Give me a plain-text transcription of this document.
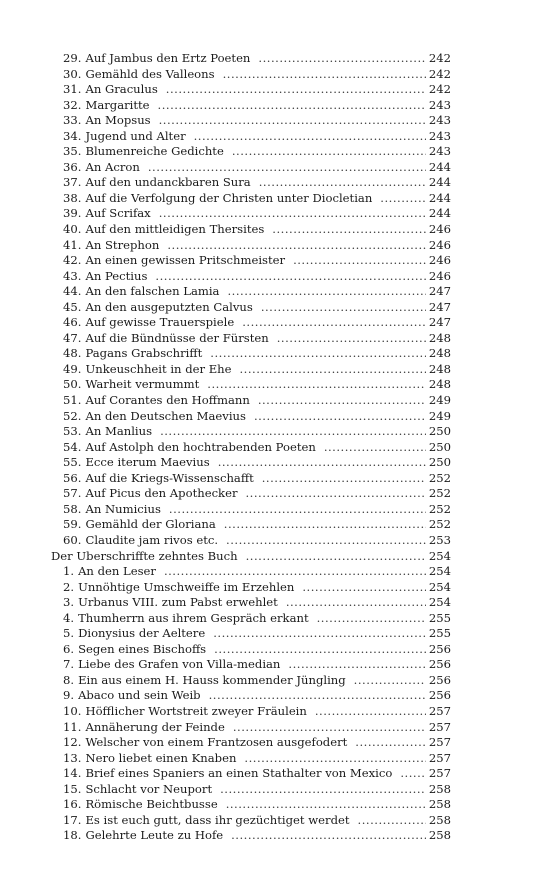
29. Auf Jambus den Ertz Poeten .....	242
30. Gemähld des Valleons .....	242
31. An Graculus .....	242
32. Margaritte .....	243
33. An Mopsus .....	243
34. Jugend und Alter .....	243
35. Blumenreiche Gedichte .....	243
36. An Acron .....	244
37. Auf den undanckbaren Sura .....	244
38. Auf die Verfolgung der Christen unter Diocletian .....	244
39. Auf Scrifax .....	244
40. Auf den mittleidigen Thersites .....	246
41. An Strephon .....	246
42. An einen gewissen Pritschmeister .....	246
43. An Pectius .....	246
44. An den falschen Lamia .....	247
45. An den ausgeputzten Calvus .....	247
46. Auf gewisse Trauerspiele .....	247
47. Auf die Bündnüsse der Fürsten .....	248
48. Pagans Grabschrifft .....	248
49. Unkeuschheit in der Ehe .....	248
50. Warheit vermummt .....	248
51. Auf Corantes den Hoffmann .....	249
52. An den Deutschen Maevius .....	249
53. An Manlius .....	250
54. Auf Astolph den hochtrabenden Poeten .....	250
55. Ecce iterum Maevius .....	250
56. Auf die Kriegs-Wissenschafft .....	252
57. Auf Picus den Apothecker .....	252
58. An Numicius .....	252
59. Gemähld der Gloriana .....	252
60. Claudite jam rivos etc. .....	253
Der Uberschriffte zehntes Buch .....	254
1. An den Leser .....	254
2. Unnöhtige Umschweiffe im Erzehlen .....	254
3. Urbanus VIII. zum Pabst erwehlet .....	254
4. Thumherrn aus ihrem Gespräch erkant .....	255
5. Dionysius der Aeltere .....	255
6. Segen eines Bischoffs .....	256
7. Liebe des Grafen von Villa-median .....	256
8. Ein aus einem H. Hauss kommender Jüngling .....	256
9. Abaco und sein Weib .....	256
10. Höfflicher Wortstreit zweyer Fräulein .....	257
11. Annäherung der Feinde .....	257
12. Welscher von einem Frantzosen ausgefodert .....	257
13. Nero liebet einen Knaben .....	257
14. Brief eines Spaniers an einen Stathalter von Mexico .....	257
15. Schlacht vor Neuport .....	258
16. Römische Beichtbusse .....	258
17. Es ist euch gutt, dass ihr gezüchtiget werdet .....	258
18. Gelehrte Leute zu Hofe .....	258
